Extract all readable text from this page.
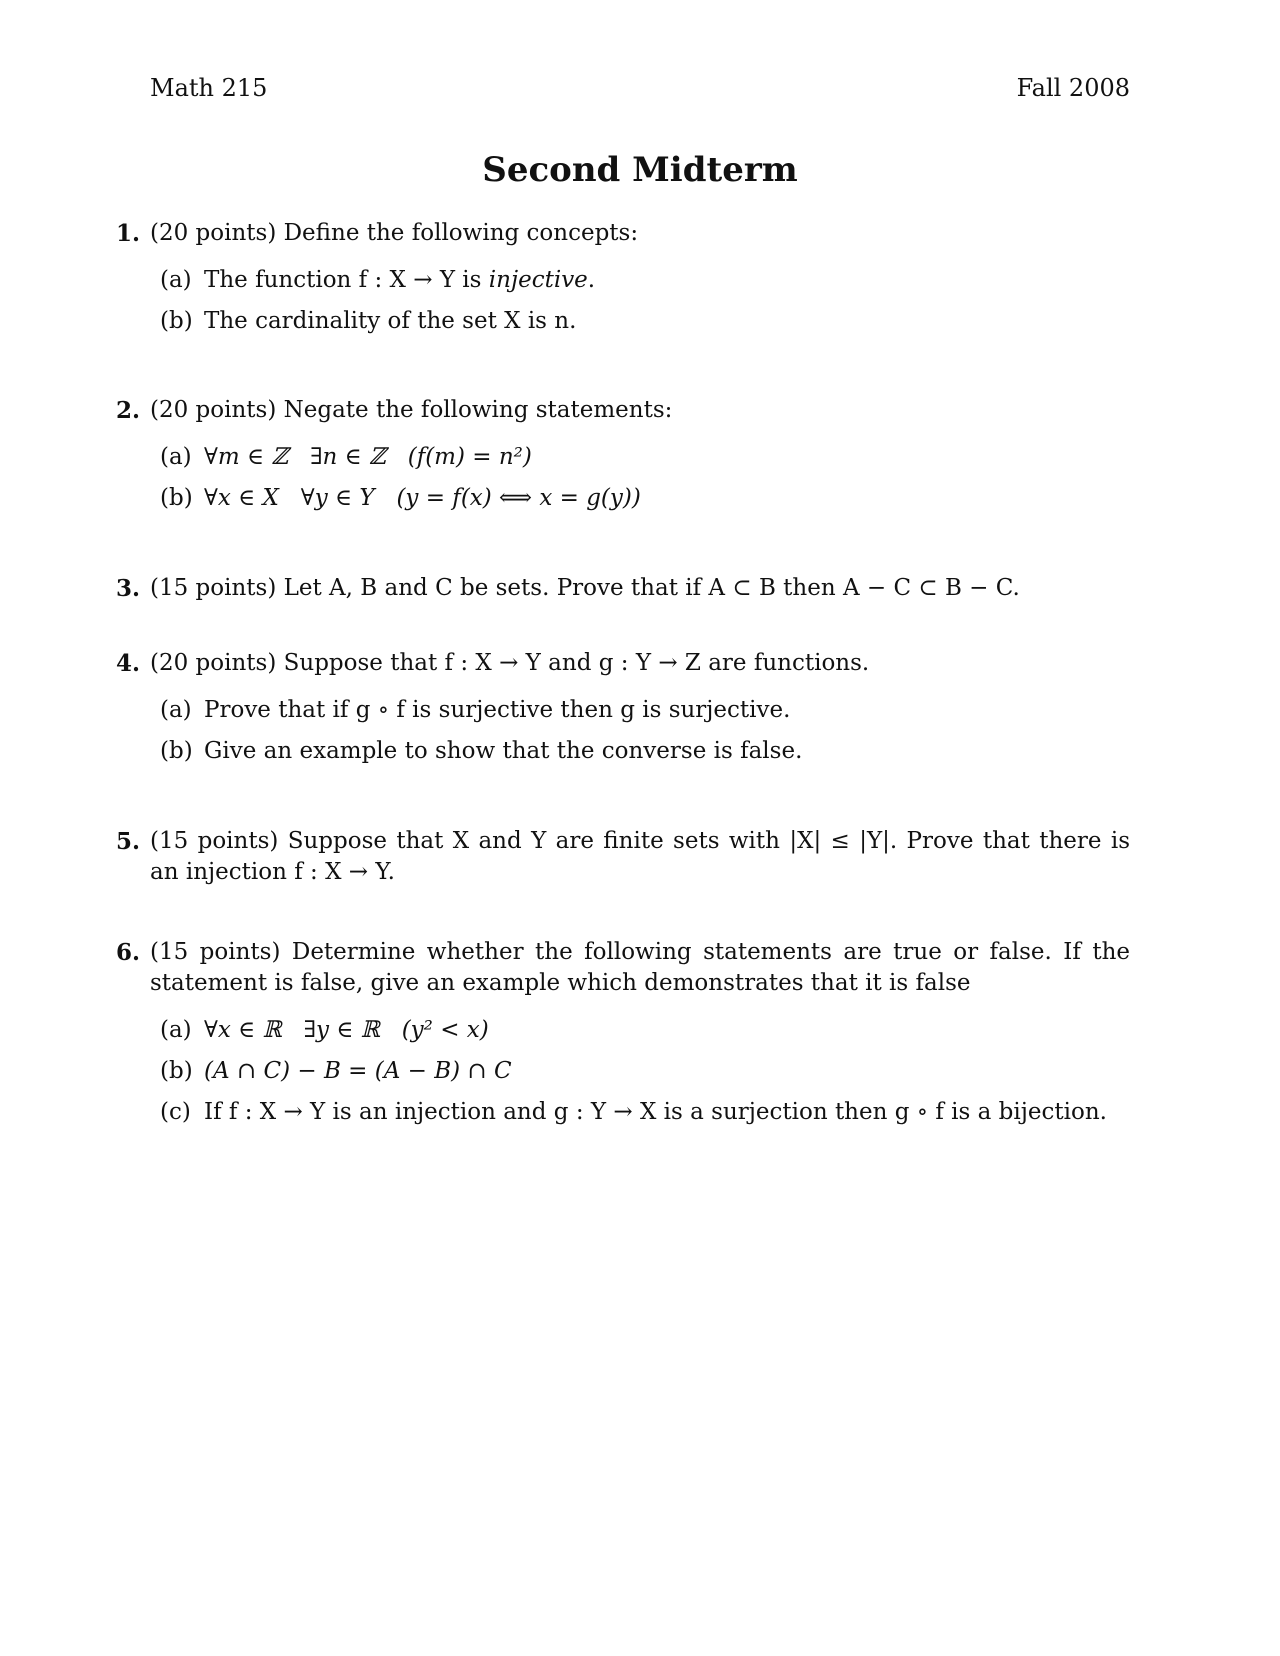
Math 215	Fall 2008
Second Midterm
1. (20 points) Define the following concepts:
(a) The function f : X → Y is injective.
(b) The cardinality of the set X is n.
2. (20 points) Negate the following statements:
(a) ∀m ∈ ℤ   ∃n ∈ ℤ   (f(m) = n²)
(b) ∀x ∈ X   ∀y ∈ Y   (y = f(x) ⟺ x = g(y))
3. (15 points) Let A, B and C be sets. Prove that if A ⊂ B then A − C ⊂ B − C.
4. (20 points) Suppose that f : X → Y and g : Y → Z are functions.
(a) Prove that if g ∘ f is surjective then g is surjective.
(b) Give an example to show that the converse is false.
5. (15 points) Suppose that X and Y are finite sets with |X| ≤ |Y|. Prove that there is an injection f : X → Y.
6. (15 points) Determine whether the following statements are true or false. If the statement is false, give an example which demonstrates that it is false
(a) ∀x ∈ ℝ   ∃y ∈ ℝ   (y² < x)
(b) (A ∩ C) − B = (A − B) ∩ C
(c) If f : X → Y is an injection and g : Y → X is a surjection then g ∘ f is a bijection.
